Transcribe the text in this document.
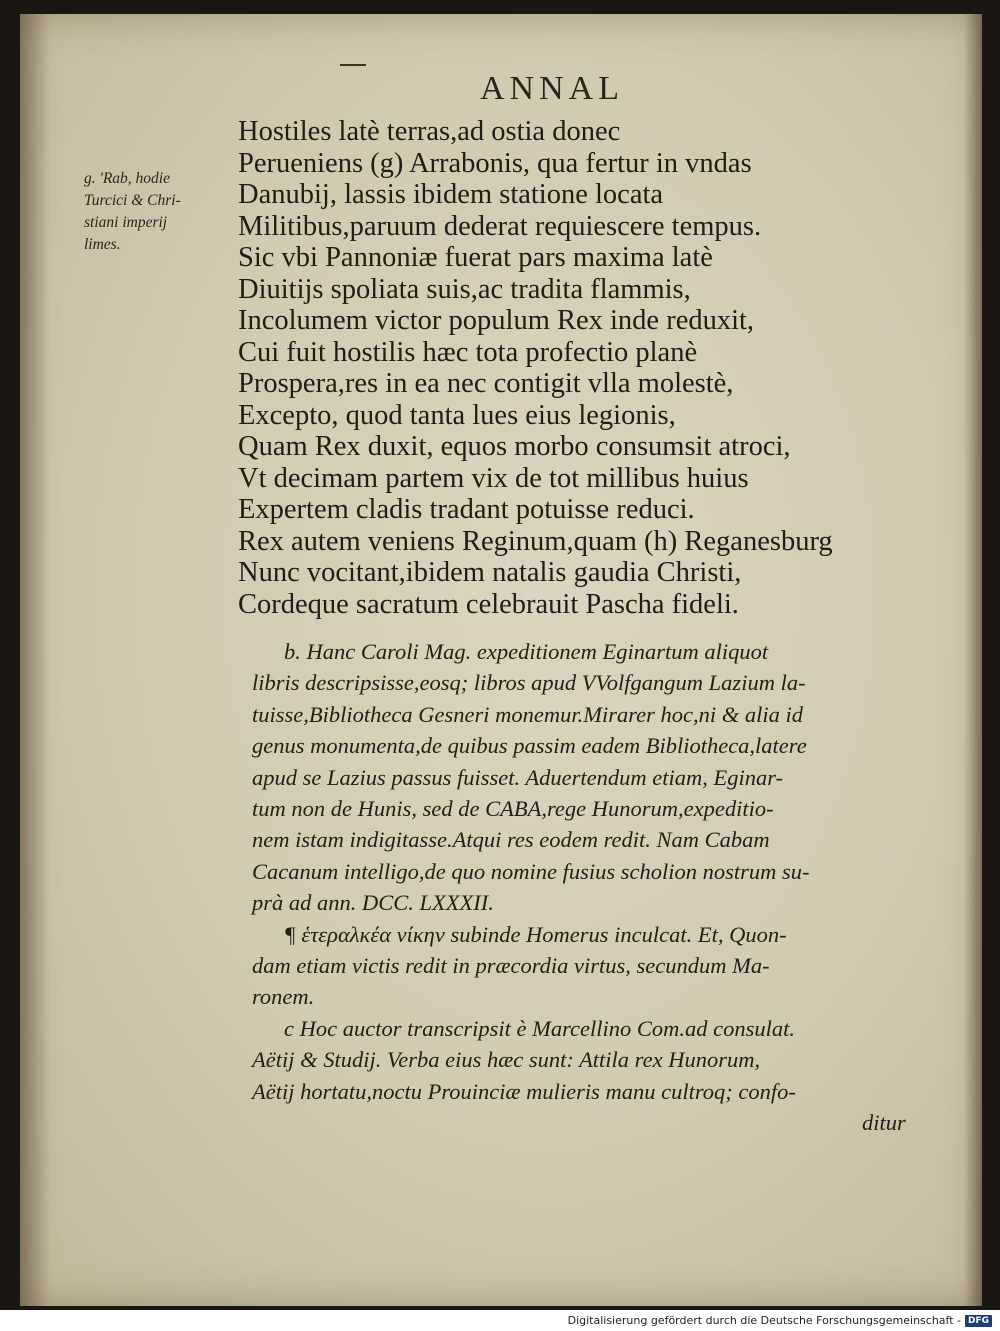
ANNAL
g. 'Rab, hodie
Turcici & Chri-
stiani imperij
limes.
Hostiles latè terras,ad ostia donec
Perueniens (g) Arrabonis, qua fertur in vndas
Danubij, lassis ibidem statione locata
Militibus,paruum dederat requiescere tempus.
Sic vbi Pannoniæ fuerat pars maxima latè
Diuitijs spoliata suis,ac tradita flammis,
Incolumem victor populum Rex inde reduxit,
Cui fuit hostilis hæc tota profectio planè
Prospera,res in ea nec contigit vlla molestè,
Excepto, quod tanta lues eius legionis,
Quam Rex duxit, equos morbo consumsit atroci,
Vt decimam partem vix de tot millibus huius
Expertem cladis tradant potuisse reduci.
Rex autem veniens Reginum,quam (h) Reganesburg
Nunc vocitant,ibidem natalis gaudia Christi,
Cordeque sacratum celebrauit Pascha fideli.
b. Hanc Caroli Mag. expeditionem Eginartum aliquot
libris descripsisse,eosq; libros apud VVolfgangum Lazium la-
tuisse,Bibliotheca Gesneri monemur.Mirarer hoc,ni & alia id
genus monumenta,de quibus passim eadem Bibliotheca,latere
apud se Lazius passus fuisset. Aduertendum etiam, Eginar-
tum non de Hunis, sed de CABA,rege Hunorum,expeditio-
nem istam indigitasse.Atqui res eodem redit. Nam Cabam
Cacanum intelligo,de quo nomine fusius scholion nostrum su-
prà ad ann. DCC. LXXXII.
¶ ἑτεραλκέα νίκην subinde Homerus inculcat. Et, Quon-
dam etiam victis redit in præcordia virtus, secundum Ma-
ronem.
c Hoc auctor transcripsit è Marcellino Com.ad consulat.
Aëtij & Studij. Verba eius hæc sunt: Attila rex Hunorum,
Aëtij hortatu,noctu Prouinciæ mulieris manu cultroq; confo-
ditur
Digitalisierung gefördert durch die Deutsche Forschungsgemeinschaft - DFG
